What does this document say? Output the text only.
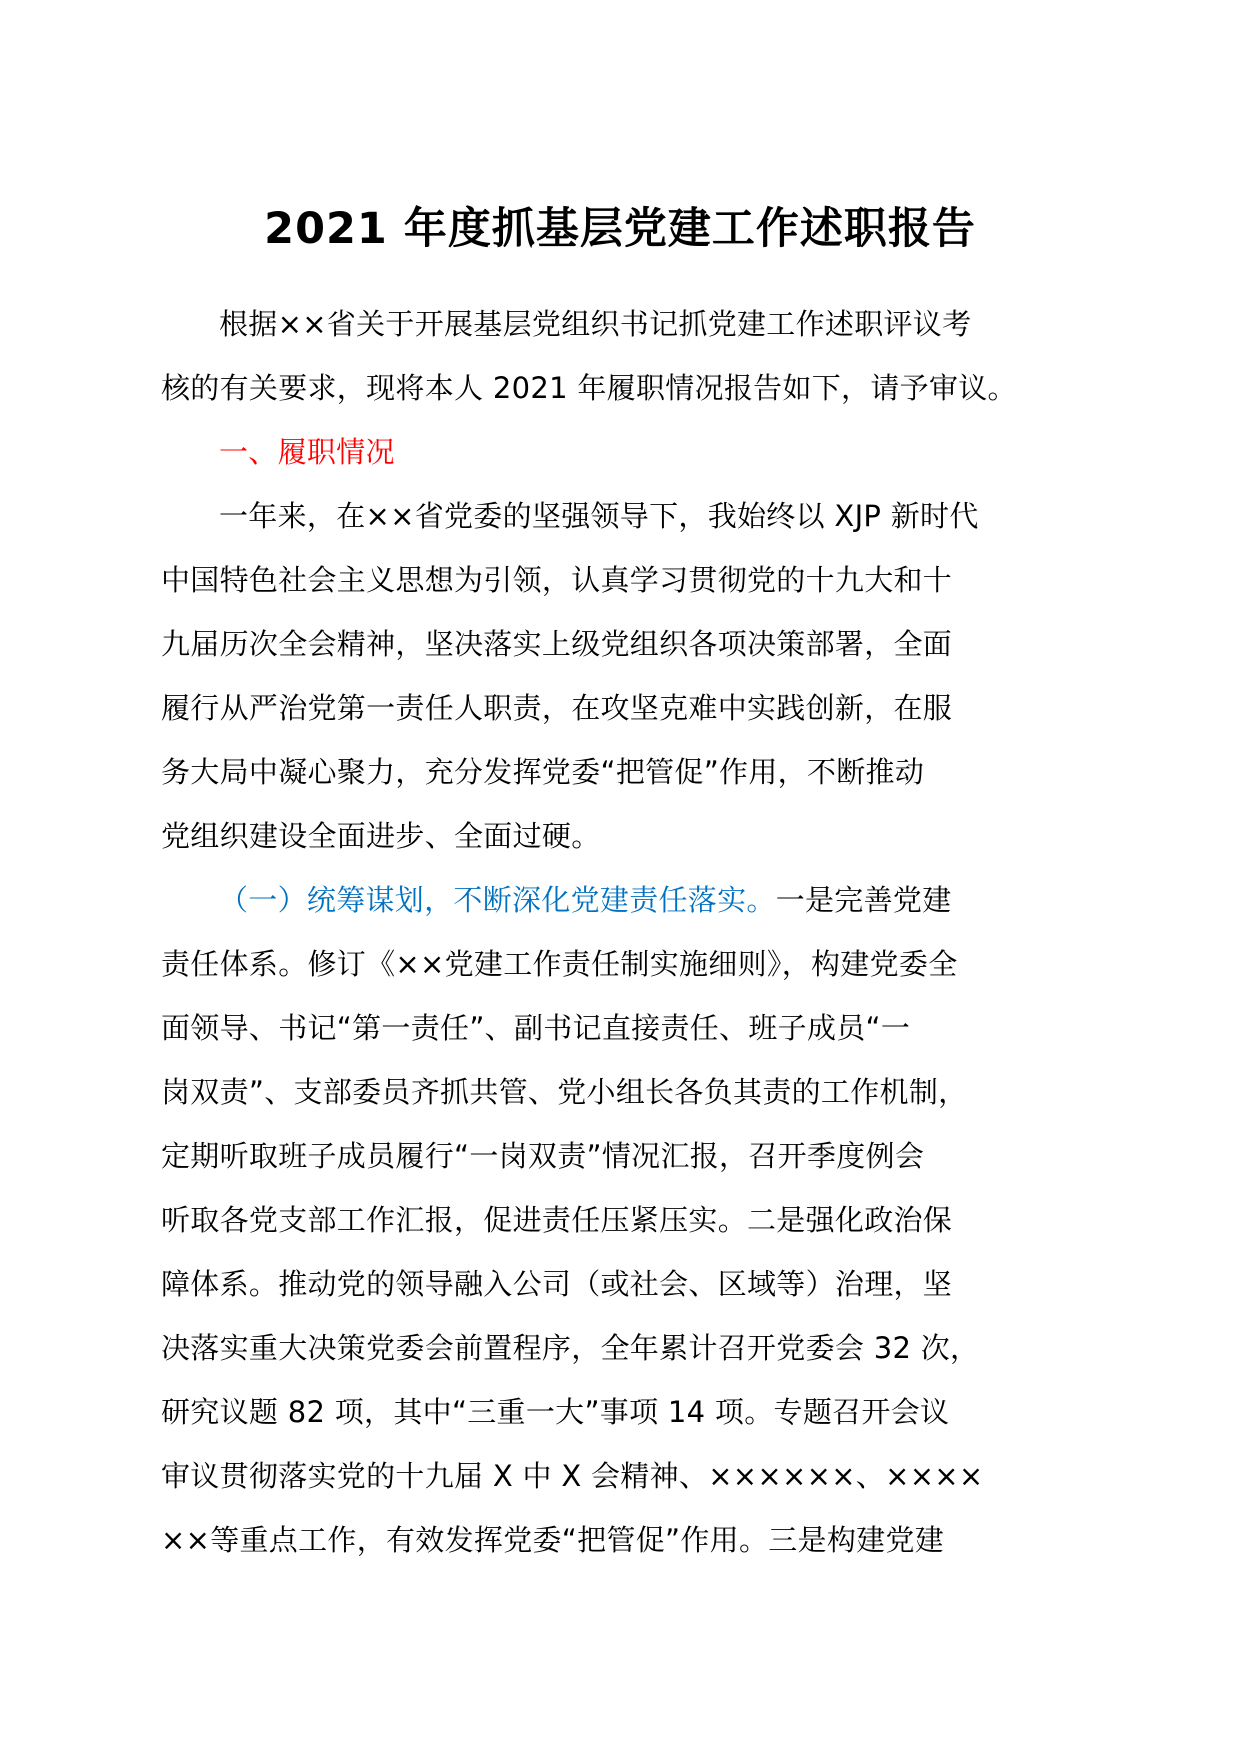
2021 年度抓基层党建工作述职报告
根据××省关于开展基层党组织书记抓党建工作述职评议考
核的有关要求，现将本人 2021 年履职情况报告如下，请予审议。
一、履职情况
一年来，在××省党委的坚强领导下，我始终以 XJP 新时代
中国特色社会主义思想为引领，认真学习贯彻党的十九大和十
九届历次全会精神，坚决落实上级党组织各项决策部署，全面
履行从严治党第一责任人职责，在攻坚克难中实践创新，在服
务大局中凝心聚力，充分发挥党委“把管促”作用，不断推动
党组织建设全面进步、全面过硬。
（一）统筹谋划，不断深化党建责任落实。一是完善党建
责任体系。修订《××党建工作责任制实施细则》，构建党委全
面领导、书记“第一责任”、副书记直接责任、班子成员“一
岗双责”、支部委员齐抓共管、党小组长各负其责的工作机制，
定期听取班子成员履行“一岗双责”情况汇报，召开季度例会
听取各党支部工作汇报，促进责任压紧压实。二是强化政治保
障体系。推动党的领导融入公司（或社会、区域等）治理，坚
决落实重大决策党委会前置程序，全年累计召开党委会 32 次，
研究议题 82 项，其中“三重一大”事项 14 项。专题召开会议
审议贯彻落实党的十九届 X 中 X 会精神、××××××、××××
××等重点工作，有效发挥党委“把管促”作用。三是构建党建
